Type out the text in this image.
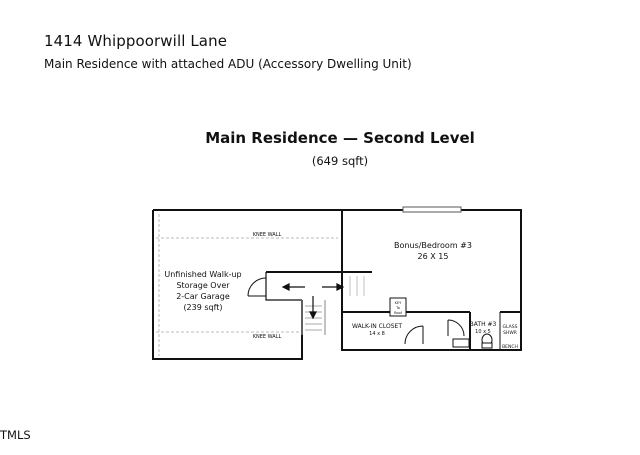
1414 Whippoorwill Lane
Main Residence with attached ADU (Accessory Dwelling Unit)
Main Residence — Second Level
(649 sqft)
KNEE WALL
KNEE WALL
Unfinished Walk-up
Storage Over
2-Car Garage
(239 sqft)
Bonus/Bedroom #3
26 X 15
WALK-IN CLOSET
14 x 8
BATH #3
10 x 5
GLASS
SHWR
BENCH
KEY
To
Roof
TMLS
